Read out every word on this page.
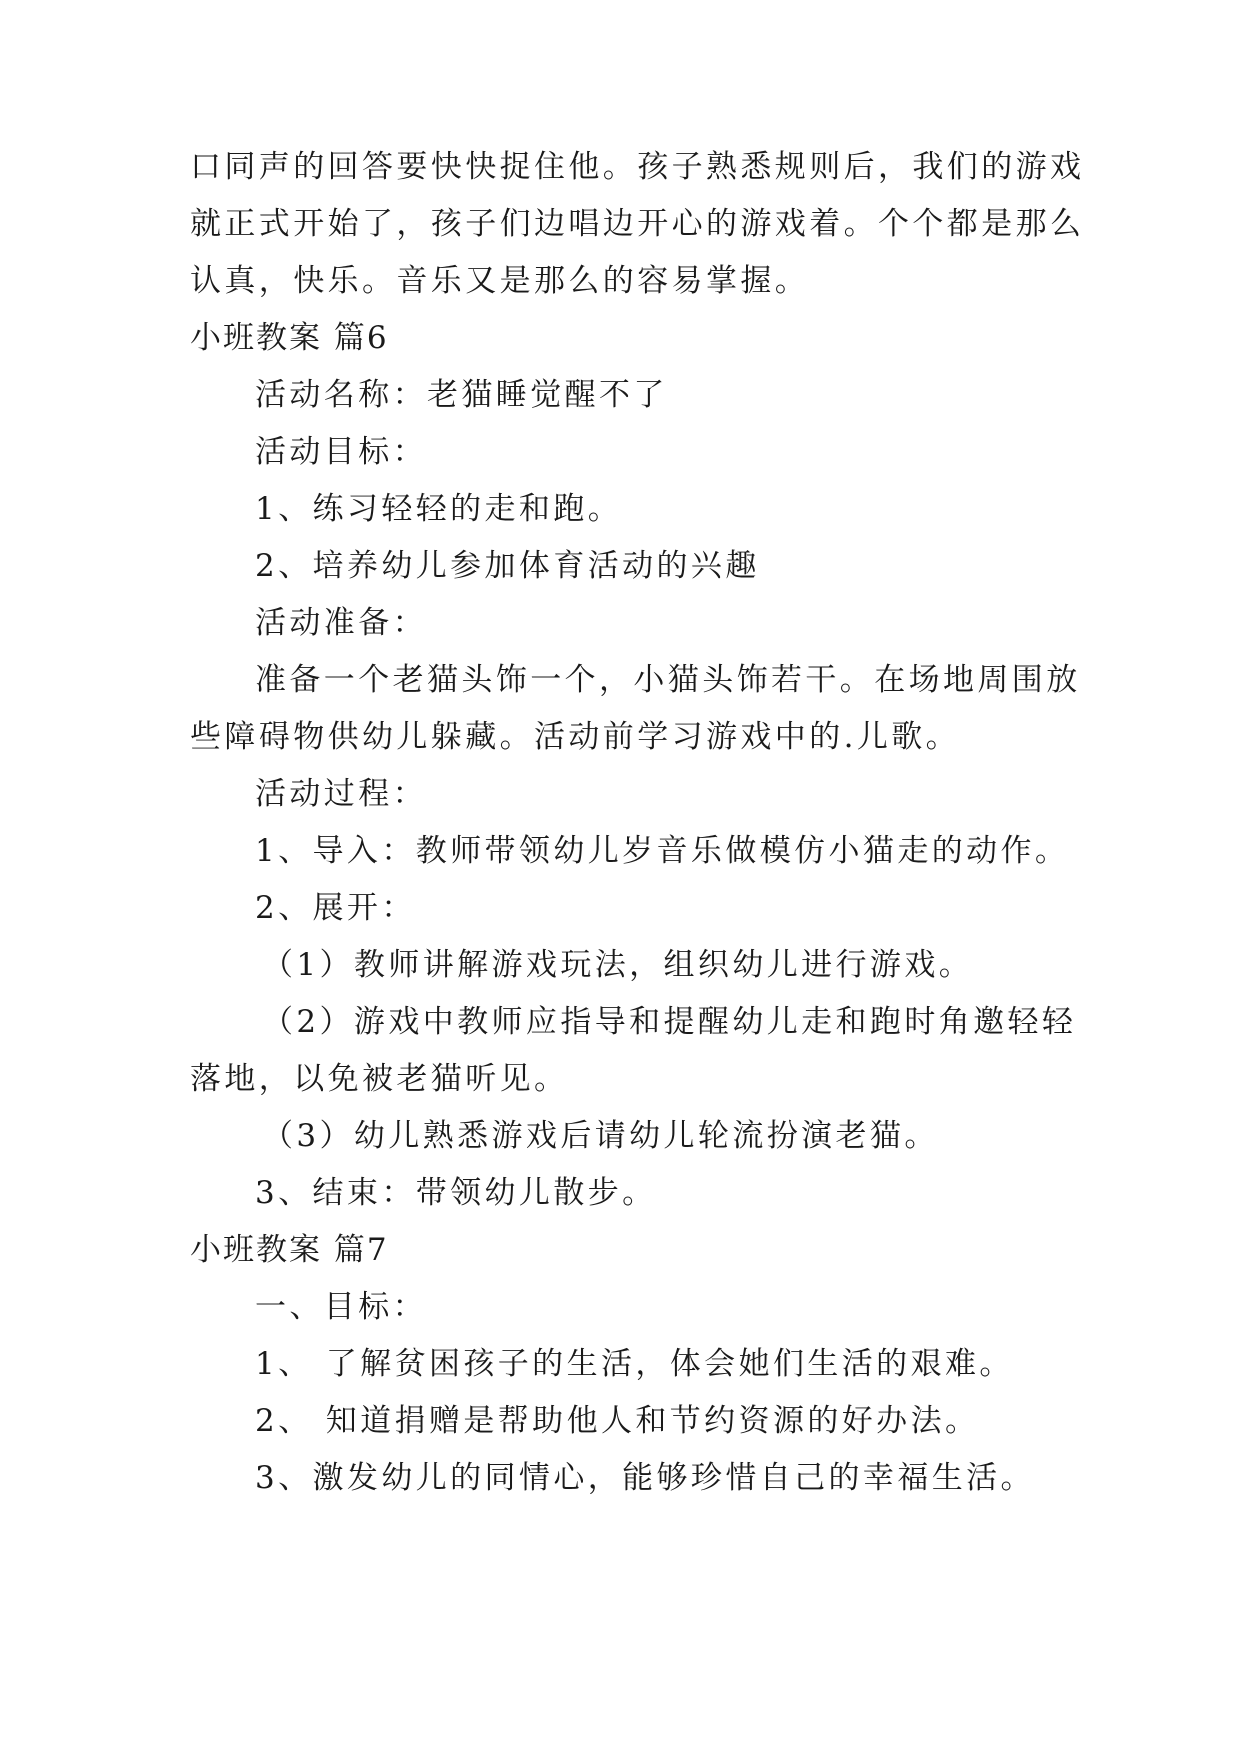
口同声的回答要快快捉住他。孩子熟悉规则后，我们的游戏
就正式开始了，孩子们边唱边开心的游戏着。个个都是那么
认真，快乐。音乐又是那么的容易掌握。
小班教案 篇6
活动名称：老猫睡觉醒不了
活动目标：
1、练习轻轻的走和跑。
2、培养幼儿参加体育活动的兴趣
活动准备：
准备一个老猫头饰一个，小猫头饰若干。在场地周围放
些障碍物供幼儿躲藏。活动前学习游戏中的.儿歌。
活动过程：
1、导入：教师带领幼儿岁音乐做模仿小猫走的动作。
2、展开：
（1）教师讲解游戏玩法，组织幼儿进行游戏。
（2）游戏中教师应指导和提醒幼儿走和跑时角邀轻轻
落地，以免被老猫听见。
（3）幼儿熟悉游戏后请幼儿轮流扮演老猫。
3、结束：带领幼儿散步。
小班教案 篇7
一、目标：
1、 了解贫困孩子的生活，体会她们生活的艰难。
2、 知道捐赠是帮助他人和节约资源的好办法。
3、激发幼儿的同情心，能够珍惜自己的幸福生活。
